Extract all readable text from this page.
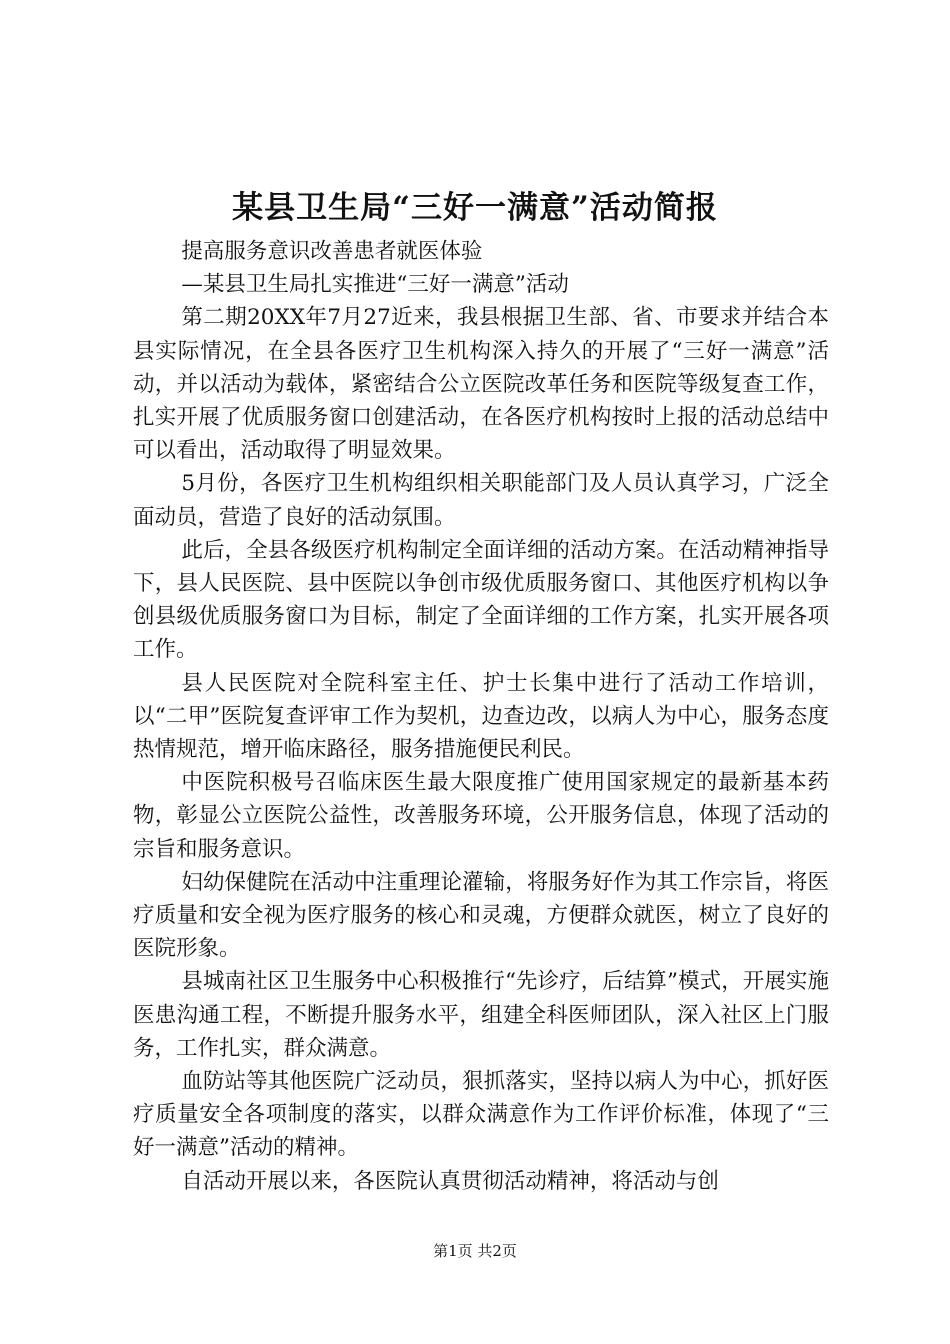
某县卫生局“三好一满意”活动简报

提高服务意识改善患者就医体验

—某县卫生局扎实推进“三好一满意”活动

第二期20XX年7月27近来，我县根据卫生部、省、市要求并结合本县实际情况，在全县各医疗卫生机构深入持久的开展了“三好一满意”活动，并以活动为载体，紧密结合公立医院改革任务和医院等级复查工作，扎实开展了优质服务窗口创建活动，在各医疗机构按时上报的活动总结中可以看出，活动取得了明显效果。

5月份，各医疗卫生机构组织相关职能部门及人员认真学习，广泛全面动员，营造了良好的活动氛围。

此后，全县各级医疗机构制定全面详细的活动方案。在活动精神指导下，县人民医院、县中医院以争创市级优质服务窗口、其他医疗机构以争创县级优质服务窗口为目标，制定了全面详细的工作方案，扎实开展各项工作。

县人民医院对全院科室主任、护士长集中进行了活动工作培训，以“二甲”医院复查评审工作为契机，边查边改，以病人为中心，服务态度热情规范，增开临床路径，服务措施便民利民。

中医院积极号召临床医生最大限度推广使用国家规定的最新基本药物，彰显公立医院公益性，改善服务环境，公开服务信息，体现了活动的宗旨和服务意识。

妇幼保健院在活动中注重理论灌输，将服务好作为其工作宗旨，将医疗质量和安全视为医疗服务的核心和灵魂，方便群众就医，树立了良好的医院形象。

县城南社区卫生服务中心积极推行“先诊疗，后结算”模式，开展实施医患沟通工程，不断提升服务水平，组建全科医师团队，深入社区上门服务，工作扎实，群众满意。

血防站等其他医院广泛动员，狠抓落实，坚持以病人为中心，抓好医疗质量安全各项制度的落实，以群众满意作为工作评价标准，体现了“三好一满意”活动的精神。

自活动开展以来，各医院认真贯彻活动精神，将活动与创

第1页 共2页
